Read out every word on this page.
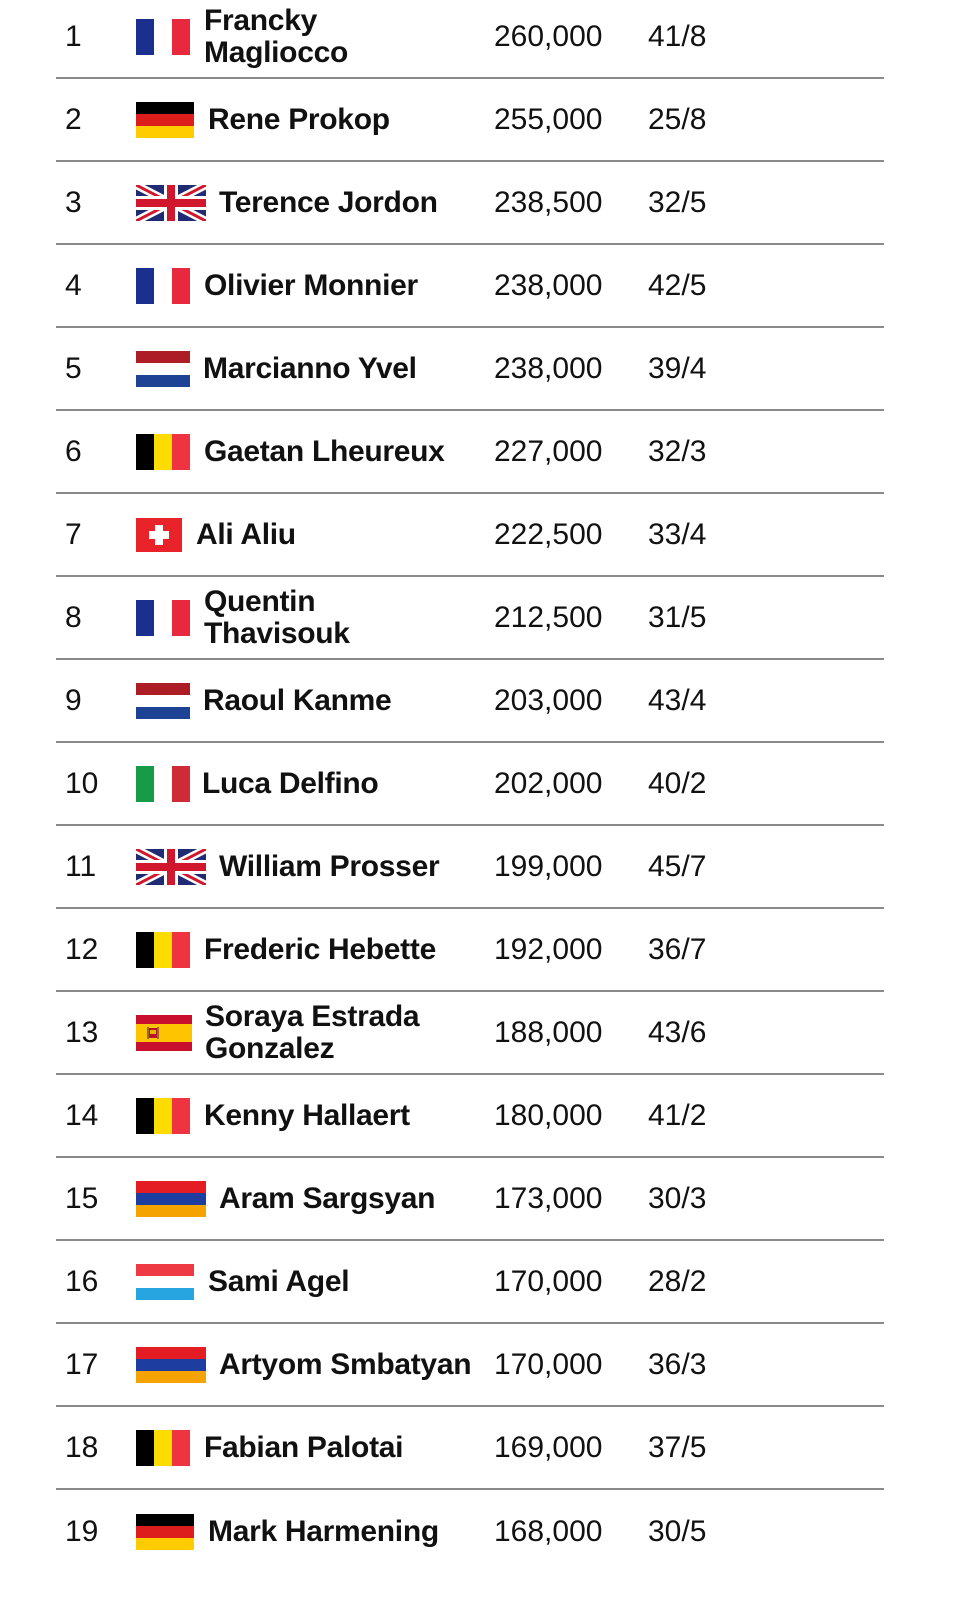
1	Francky Magliocco	260,000 41/8
2	Rene Prokop	255,000 25/8
3	Terence Jordon	238,500 32/5
4	Olivier Monnier	238,000 42/5
5	Marcianno Yvel	238,000 39/4
6	Gaetan Lheureux	227,000 32/3
7	Ali Aliu	222,500 33/4
8	Quentin Thavisouk	212,500 31/5
9	Raoul Kanme	203,000 43/4
10	Luca Delfino	202,000 40/2
11	William Prosser	199,000 45/7
12	Frederic Hebette	192,000 36/7
13	Soraya Estrada Gonzalez	188,000 43/6
14	Kenny Hallaert	180,000 41/2
15	Aram Sargsyan	173,000 30/3
16	Sami Agel	170,000 28/2
17	Artyom Smbatyan 170,000 36/3
18	Fabian Palotai	169,000 37/5
19	Mark Harmening	168,000 30/5
